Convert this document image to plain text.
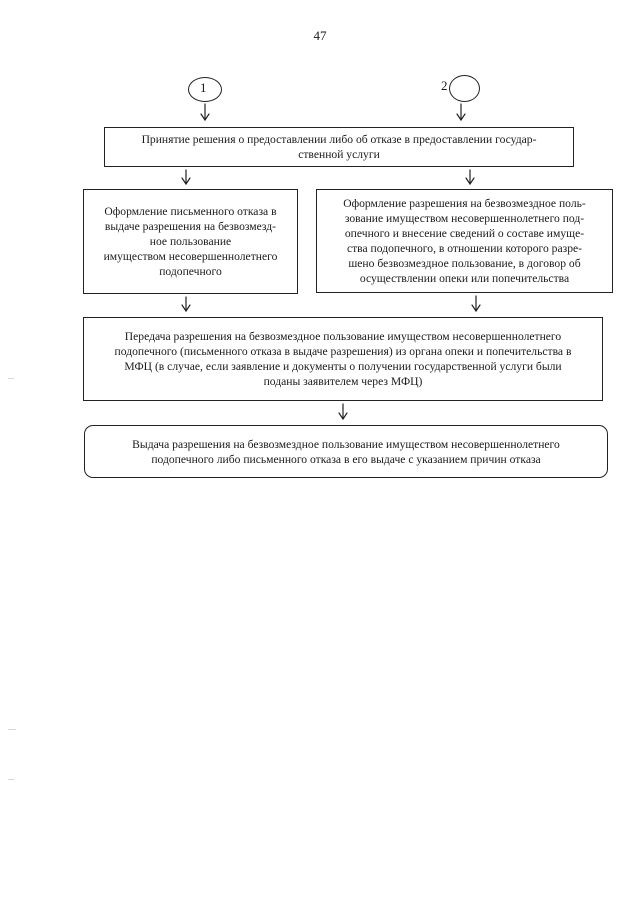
47
1	2
Принятие решения о предоставлении либо об отказе в предоставлении государ-
ственной услуги
Оформление письменного отказа в
выдаче разрешения на безвозмезд-
ное пользование
имуществом несовершеннолетнего
подопечного
Оформление разрешения на безвозмездное поль-
зование имуществом несовершеннолетнего под-
опечного и внесение сведений о составе имуще-
ства подопечного, в отношении которого разре-
шено безвозмездное пользование, в договор об
осуществлении опеки или попечительства
Передача разрешения на безвозмездное пользование имуществом несовершеннолетнего
подопечного (письменного отказа в выдаче разрешения) из органа опеки и попечительства в
МФЦ (в случае, если заявление и документы о получении государственной услуги были
поданы заявителем через МФЦ)
Выдача разрешения на безвозмездное пользование имуществом несовершеннолетнего
подопечного либо письменного отказа в его выдаче с указанием причин отказа
